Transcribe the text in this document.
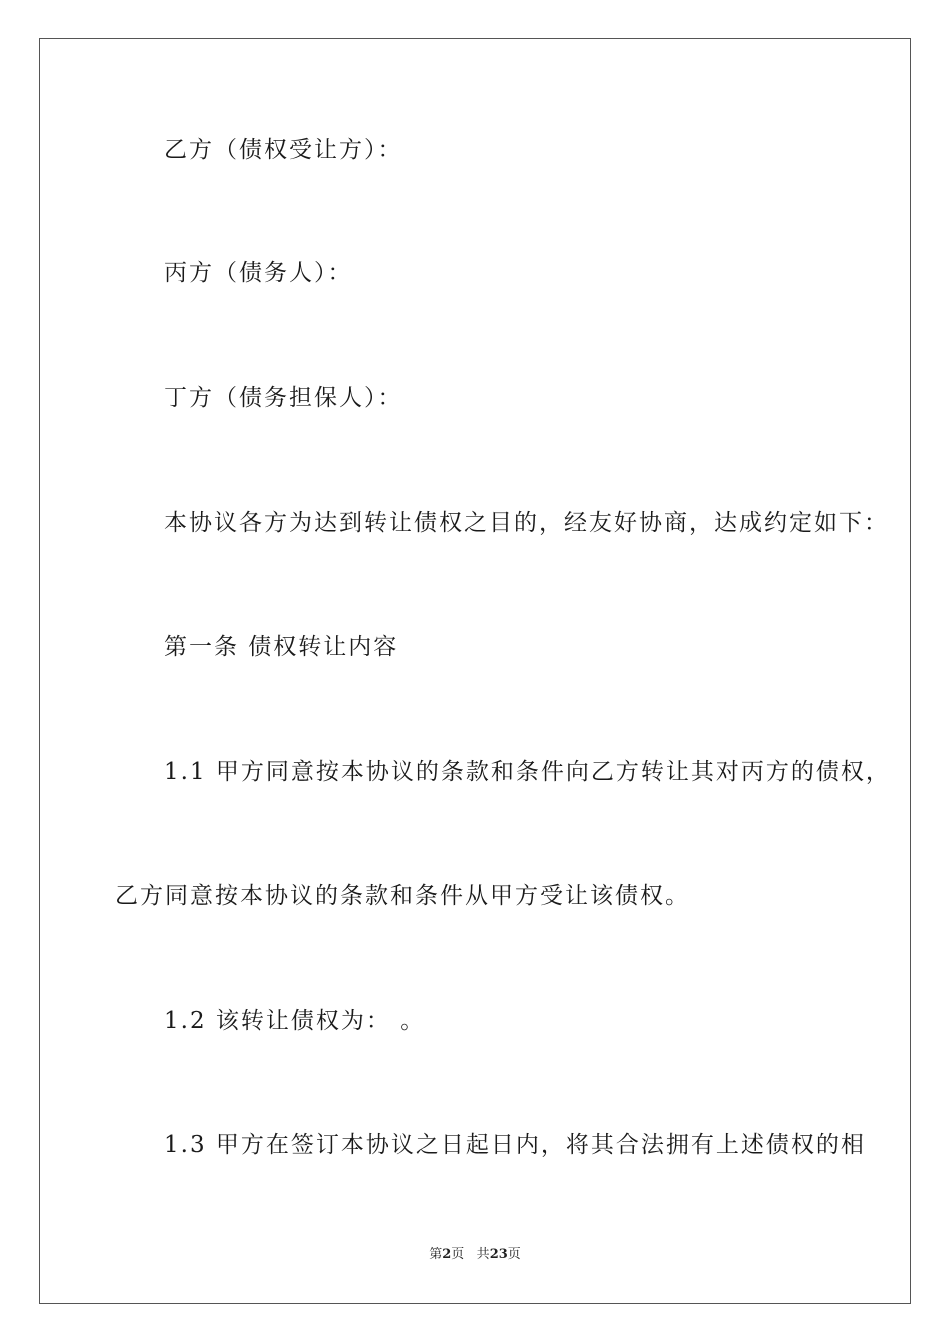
乙方（债权受让方）：
丙方（债务人）：
丁方（债务担保人）：
本协议各方为达到转让债权之目的，经友好协商，达成约定如下：
第一条 债权转让内容
1.1 甲方同意按本协议的条款和条件向乙方转让其对丙方的债权，
乙方同意按本协议的条款和条件从甲方受让该债权。
1.2 该转让债权为： 。
1.3 甲方在签订本协议之日起日内，将其合法拥有上述债权的相
第2页 共23页
